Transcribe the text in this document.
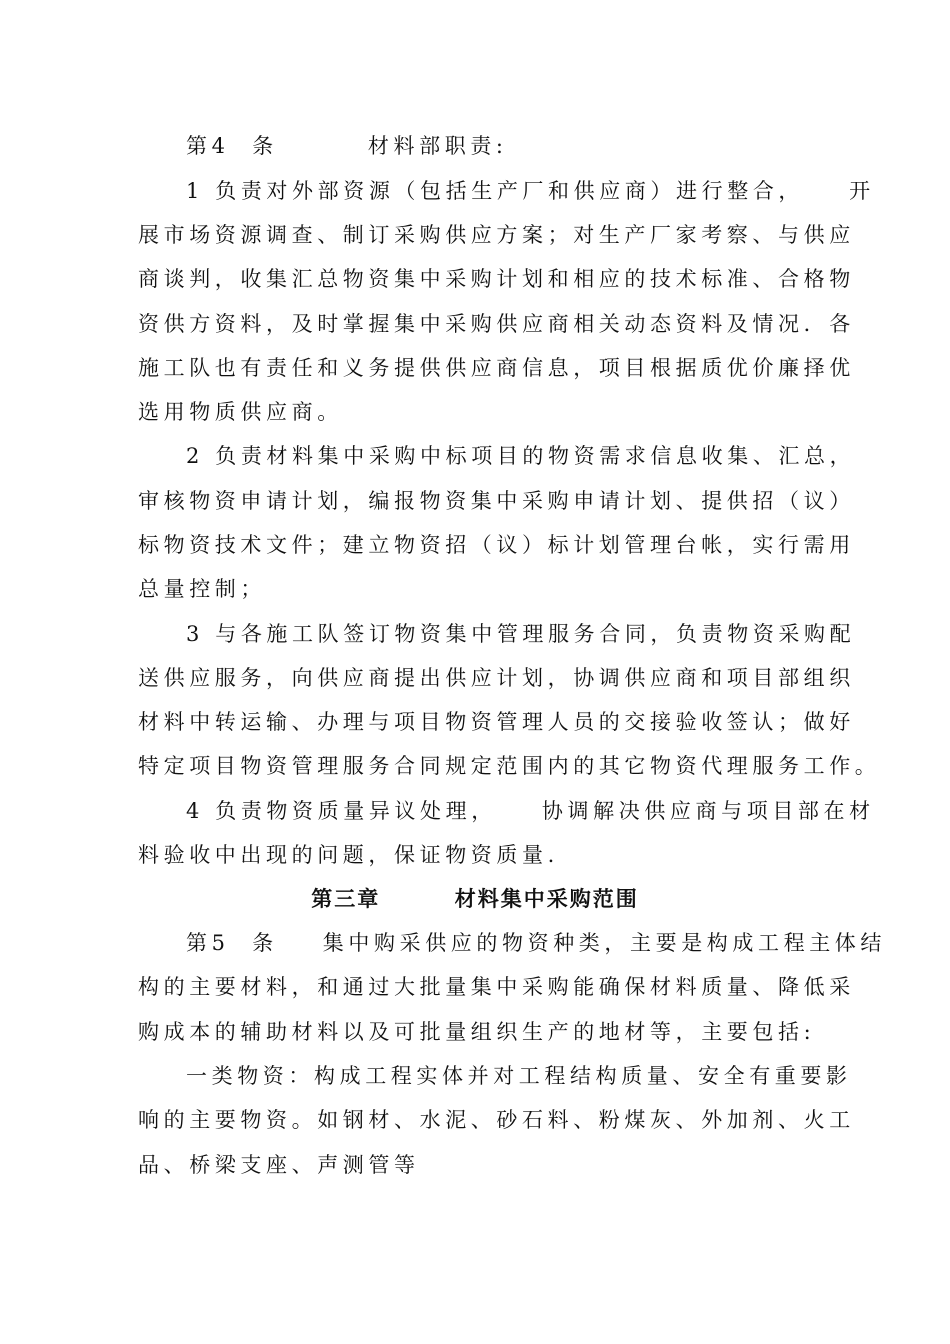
第4  条        材料部职责:
1 负责对外部资源（包括生产厂和供应商）进行整合，    开
展市场资源调查、制订采购供应方案；对生产厂家考察、与供应
商谈判，收集汇总物资集中采购计划和相应的技术标准、合格物
资供方资料，及时掌握集中采购供应商相关动态资料及情况．各
施工队也有责任和义务提供供应商信息，项目根据质优价廉择优
选用物质供应商。
2 负责材料集中采购中标项目的物资需求信息收集、汇总，
审核物资申请计划，编报物资集中采购申请计划、提供招（议）
标物资技术文件；建立物资招（议）标计划管理台帐，实行需用
总量控制；
3 与各施工队签订物资集中管理服务合同，负责物资采购配
送供应服务，向供应商提出供应计划，协调供应商和项目部组织
材料中转运输、办理与项目物资管理人员的交接验收签认；做好
特定项目物资管理服务合同规定范围内的其它物资代理服务工作。
4 负责物资质量异议处理，    协调解决供应商与项目部在材
料验收中出现的问题，保证物资质量.
第三章        材料集中采购范围
第5  条    集中购采供应的物资种类，主要是构成工程主体结
构的主要材料，和通过大批量集中采购能确保材料质量、降低采
购成本的辅助材料以及可批量组织生产的地材等，主要包括:
一类物资：构成工程实体并对工程结构质量、安全有重要影
响的主要物资。如钢材、水泥、砂石料、粉煤灰、外加剂、火工
品、桥梁支座、声测管等
